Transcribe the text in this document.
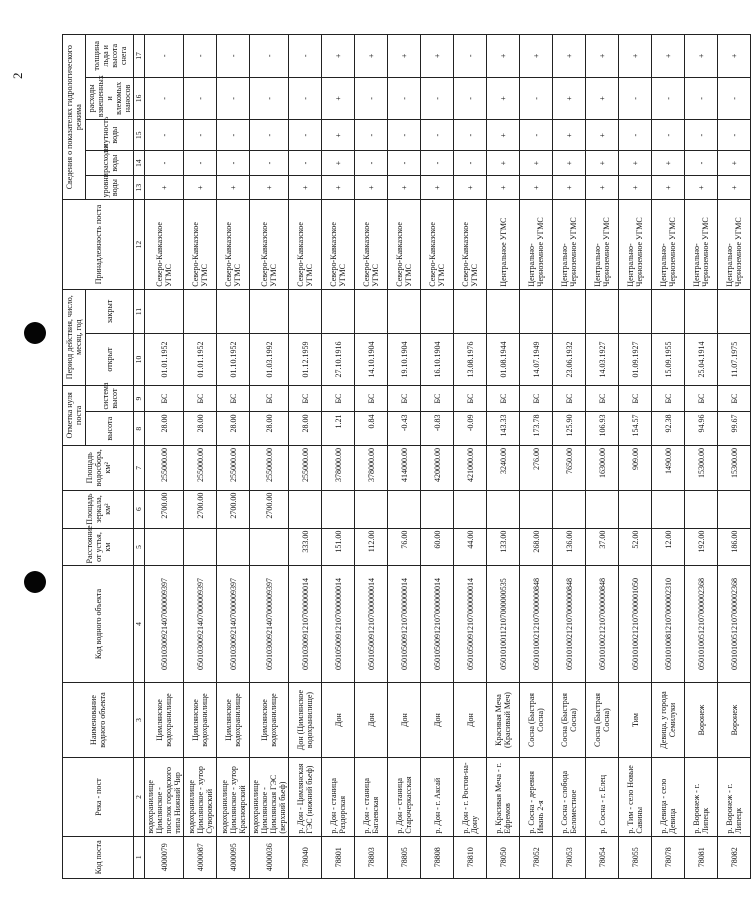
2
Код поста	Река - пост	Наименование водного объекта	Код водного объекта	Расстояние от устья, км	Площадь зеркала, км²	Площадь водосбора, км²	Отметка нуля поста		Период действия, число, месяц, год		Принадлежность поста	Сведения о показателях гидрологического режима				
							высота	система высот	открыт	закрыт		уровни воды	расходы воды	мутность воды	расходы взвешенных и влекомых наносов	толщина льда и высота снега
1	2	3	4	5	6	7	8	9	10	11	12	13	14	15	16	17
4000079	водохранилище Цимлянское - поселок городского типа Нижний Чир	Цимлянское водохранилище	05010300921407000009397		2700.00	255000.00	28.00	БС	01.01.1952		Северо-Кавказское УГМС	+	-	-	-	-
4000087	водохранилище Цимлянское - хутор Суворовский	Цимлянское водохранилище	05010300921407000009397		2700.00	255000.00	28.00	БС	01.01.1952		Северо-Кавказское УГМС	+	-	-	-	-
4000095	водохранилище Цимлянское - хутор Красноярский	Цимлянское водохранилище	05010300921407000009397		2700.00	255000.00	28.00	БС	01.10.1952		Северо-Кавказское УГМС	+	-	-	-	-
4000036	водохранилище Цимлянское - Цимлянская ГЭС (верхний бьеф)	Цимлянское водохранилище	05010300921407000009397		2700.00	255000.00	28.00	БС	01.03.1992		Северо-Кавказское УГМС	+	-	-	-	-
78040	р. Дон - Цимлянская ГЭС (нижний бьеф)	Дон (Цимлянское водохранилище)	05010300912107000000014	333.00		255000.00	28.00	БС	01.12.1959		Северо-Кавказское УГМС	+	-	-	-	-
78801	р. Дон - станица Раздорская	Дон	05010500912107000000014	151.00		378000.00	1.21	БС	27.10.1916		Северо-Кавказское УГМС	+	+	+	+	+
78803	р. Дон - станица Багаевская	Дон	05010500912107000000014	112.00		378000.00	0.84	БС	14.10.1904		Северо-Кавказское УГМС	+	-	-	-	+
78805	р. Дон - станица Старочеркасская	Дон	05010500912107000000014	76.00		414000.00	-0.43	БС	19.10.1904		Северо-Кавказское УГМС	+	-	-	-	+
78808	р. Дон - г. Аксай	Дон	05010500912107000000014	60.00		420000.00	-0.83	БС	16.10.1904		Северо-Кавказское УГМС	+	-	-	-	+
78810	р. Дон - г. Ростов-на-Дону	Дон	05010500912107000000014	44.00		421000.00	-0.09	БС	13.08.1976		Северо-Кавказское УГМС	+	-	-	-	-
78050	р. Красивая Меча - г. Ефремов	Красивая Меча (Красивый Меч)	05010100112107000000535	133.00		3240.00	143.33	БС	01.08.1944		Центральное УГМС	+	+	+	+	+
78052	р. Сосна - деревня Ивань 2-я	Сосна (Быстрая Сосна)	05010100212107000000848	268.00		276.00	173.78	БС	14.07.1949		Центрально-Черноземное УГМС	+	+	-	-	+
78053	р. Сосна - слобода Беломестное	Сосна (Быстрая Сосна)	05010100212107000000848	136.00		7650.00	125.90	БС	23.06.1932		Центрально-Черноземное УГМС	+	+	+	+	+
78054	р. Сосна - г. Елец	Сосна (Быстрая Сосна)	05010100212107000000848	37.00		16300.00	106.93	БС	14.03.1927		Центрально-Черноземное УГМС	+	+	+	+	+
78055	р. Тим - село Новые Савины	Тим	05010100212107000001050	52.00		909.00	154.57	БС	01.09.1927		Центрально-Черноземное УГМС	+	+	-	-	+
78078	р. Девица - село Девица	Девица, у города Семилуки	05010100812107000002310	12.00		1490.00	92.38	БС	15.09.1955		Центрально-Черноземное УГМС	+	+	-	-	+
78081	р. Воронеж - г. Липецк	Воронеж	05010100512107000002368	192.00		15300.00	94.96	БС	25.04.1914		Центрально-Черноземное УГМС	+	-	-	-	+
78082	р. Воронеж - г. Липецк	Воронеж	05010100512107000002368	186.00		15300.00	99.67	БС	11.07.1975		Центрально-Черноземное УГМС	+	+	-	-	+
